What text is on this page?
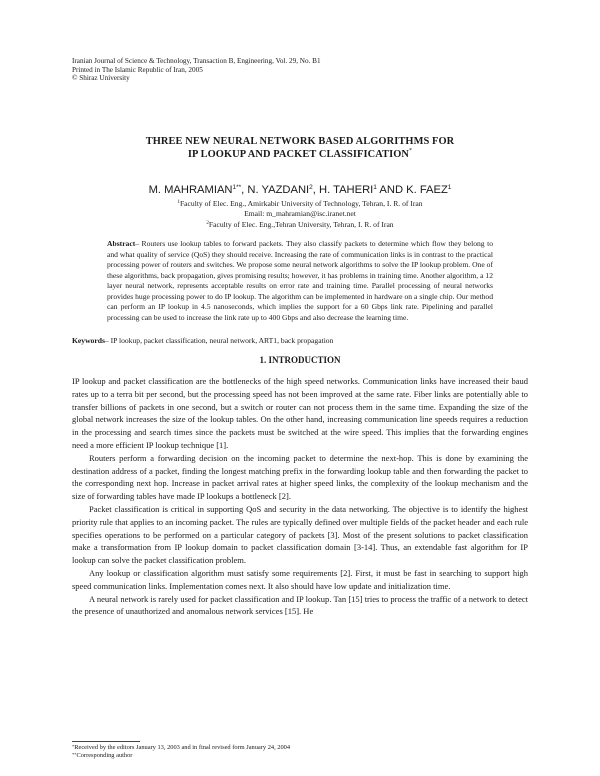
Iranian Journal of Science & Technology, Transaction B, Engineering, Vol. 29, No. B1
Printed in The Islamic Republic of Iran, 2005
© Shiraz University
THREE NEW NEURAL NETWORK BASED ALGORITHMS FOR
IP LOOKUP AND PACKET CLASSIFICATION*
M. $MAHRAMIAN^{1**}$, N. YAZDANI$^2$, H. TAHERI$^1$ AND K. FAEZ$^1$
$^1$Faculty of Elec. Eng., Amirkabir University of Technology, Tehran, I. R. of Iran
Email: m_mahramian@isc.iranet.net
$^2$Faculty of Elec. Eng.,Tehran University, Tehran, I. R. of Iran
Abstract– Routers use lookup tables to forward packets. They also classify packets to determine which flow they belong to and what quality of service (QoS) they should receive. Increasing the rate of communication links is in contrast to the practical processing power of routers and switches. We propose some neural network algorithms to solve the IP lookup problem. One of these algorithms, back propagation, gives promising results; however, it has problems in training time. Another algorithm, a 12 layer neural network, represents acceptable results on error rate and training time. Parallel processing of neural networks provides huge processing power to do IP lookup. The algorithm can be implemented in hardware on a single chip. Our method can perform an IP lookup in 4.5 nanoseconds, which implies the support for a 60 Gbps link rate. Pipelining and parallel processing can be used to increase the link rate up to 400 Gbps and also decrease the learning time.
Keywords– IP lookup, packet classification, neural network, ART1, back propagation
1. INTRODUCTION

IP lookup and packet classification are the bottlenecks of the high speed networks. Communication links have increased their baud rates up to a terra bit per second, but the processing speed has not been improved at the same rate. Fiber links are potentially able to transfer billions of packets in one second, but a switch or router can not process them in the same time. Expanding the size of the global network increases the size of the lookup tables. On the other hand, increasing communication line speeds requires a reduction in the processing and search times since the packets must be switched at the wire speed. This implies that the forwarding engines need a more efficient IP lookup technique [1].

Routers perform a forwarding decision on the incoming packet to determine the next-hop. This is done by examining the destination address of a packet, finding the longest matching prefix in the forwarding lookup table and then forwarding the packet to the corresponding next hop. Increase in packet arrival rates at higher speed links, the complexity of the lookup mechanism and the size of forwarding tables have made IP lookups a bottleneck [2].

Packet classification is critical in supporting QoS and security in the data networking. The objective is to identify the highest priority rule that applies to an incoming packet. The rules are typically defined over multiple fields of the packet header and each rule specifies operations to be performed on a particular category of packets [3]. Most of the present solutions to packet classification make a transformation from IP lookup domain to packet classification domain [3-14]. Thus, an extendable fast algorithm for IP lookup can solve the packet classification problem.

Any lookup or classification algorithm must satisfy some requirements [2]. First, it must be fast in searching to support high speed communication links. Implementation comes next. It also should have low update and initialization time.

A neural network is rarely used for packet classification and IP lookup. Tan [15] tries to process the traffic of a network to detect the presence of unauthorized and anomalous network services [15]. He

*Received by the editors January 13, 2003 and in final revised form January 24, 2004
**Corresponding author
